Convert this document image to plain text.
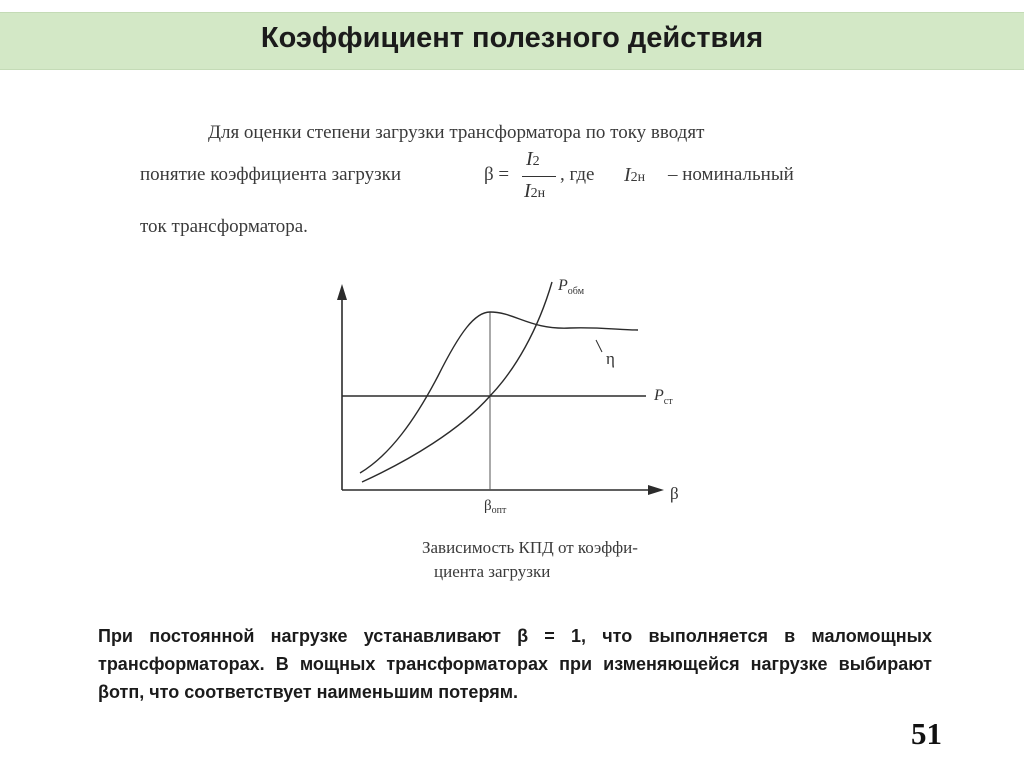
Коэффициент полезного действия
Для оценки степени загрузки трансформатора по току вводят
понятие коэффициента загрузки	β =
I2
I2н
, где I2н – номинальный
ток трансформатора.
$P_{обм}$
η
$P_{ст}$
β
$\beta_{опт}$
Зависимость КПД от коэффи-
циента загрузки
При постоянной нагрузке устанавливают β = 1, что выполняется в маломощных трансформаторах. В мощных трансформаторах при изменяющейся нагрузке выбирают βотп, что соответствует наименьшим потерям.
51
